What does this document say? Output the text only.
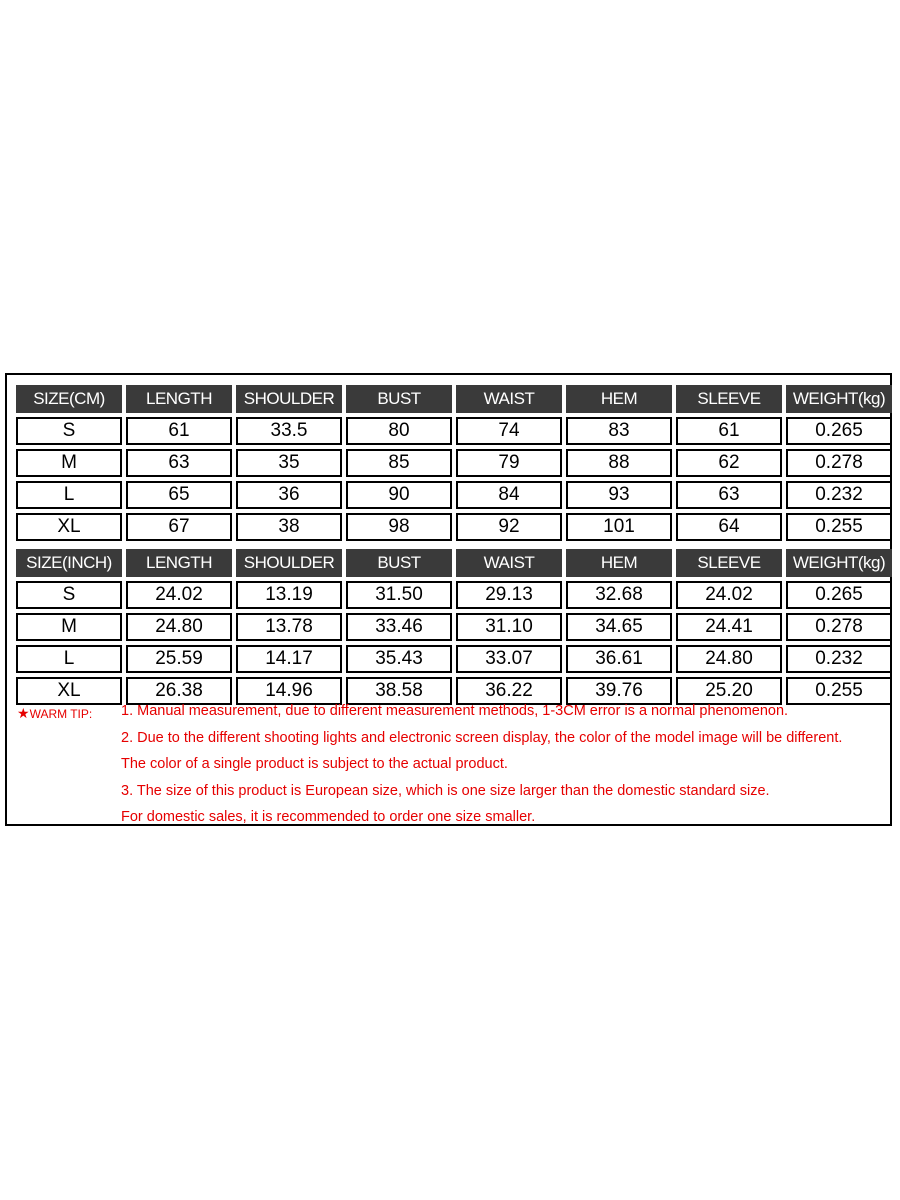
SIZE(CM)	LENGTH	SHOULDER	BUST	WAIST	HEM	SLEEVE	WEIGHT(kg)
S	61	33.5	80	74	83	61	0.265
M	63	35	85	79	88	62	0.278
L	65	36	90	84	93	63	0.232
XL	67	38	98	92	101	64	0.255
SIZE(INCH)	LENGTH	SHOULDER	BUST	WAIST	HEM	SLEEVE	WEIGHT(kg)
S	24.02	13.19	31.50	29.13	32.68	24.02	0.265
M	24.80	13.78	33.46	31.10	34.65	24.41	0.278
L	25.59	14.17	35.43	33.07	36.61	24.80	0.232
XL	26.38	14.96	38.58	36.22	39.76	25.20	0.255
★WARM TIP: 1. Manual measurement, due to different measurement methods, 1-3CM error is a normal phenomenon.
2. Due to the different shooting lights and electronic screen display, the color of the model image will be different.
The color of a single product is subject to the actual product.
3. The size of this product is European size, which is one size larger than the domestic standard size.
For domestic sales, it is recommended to order one size smaller.
